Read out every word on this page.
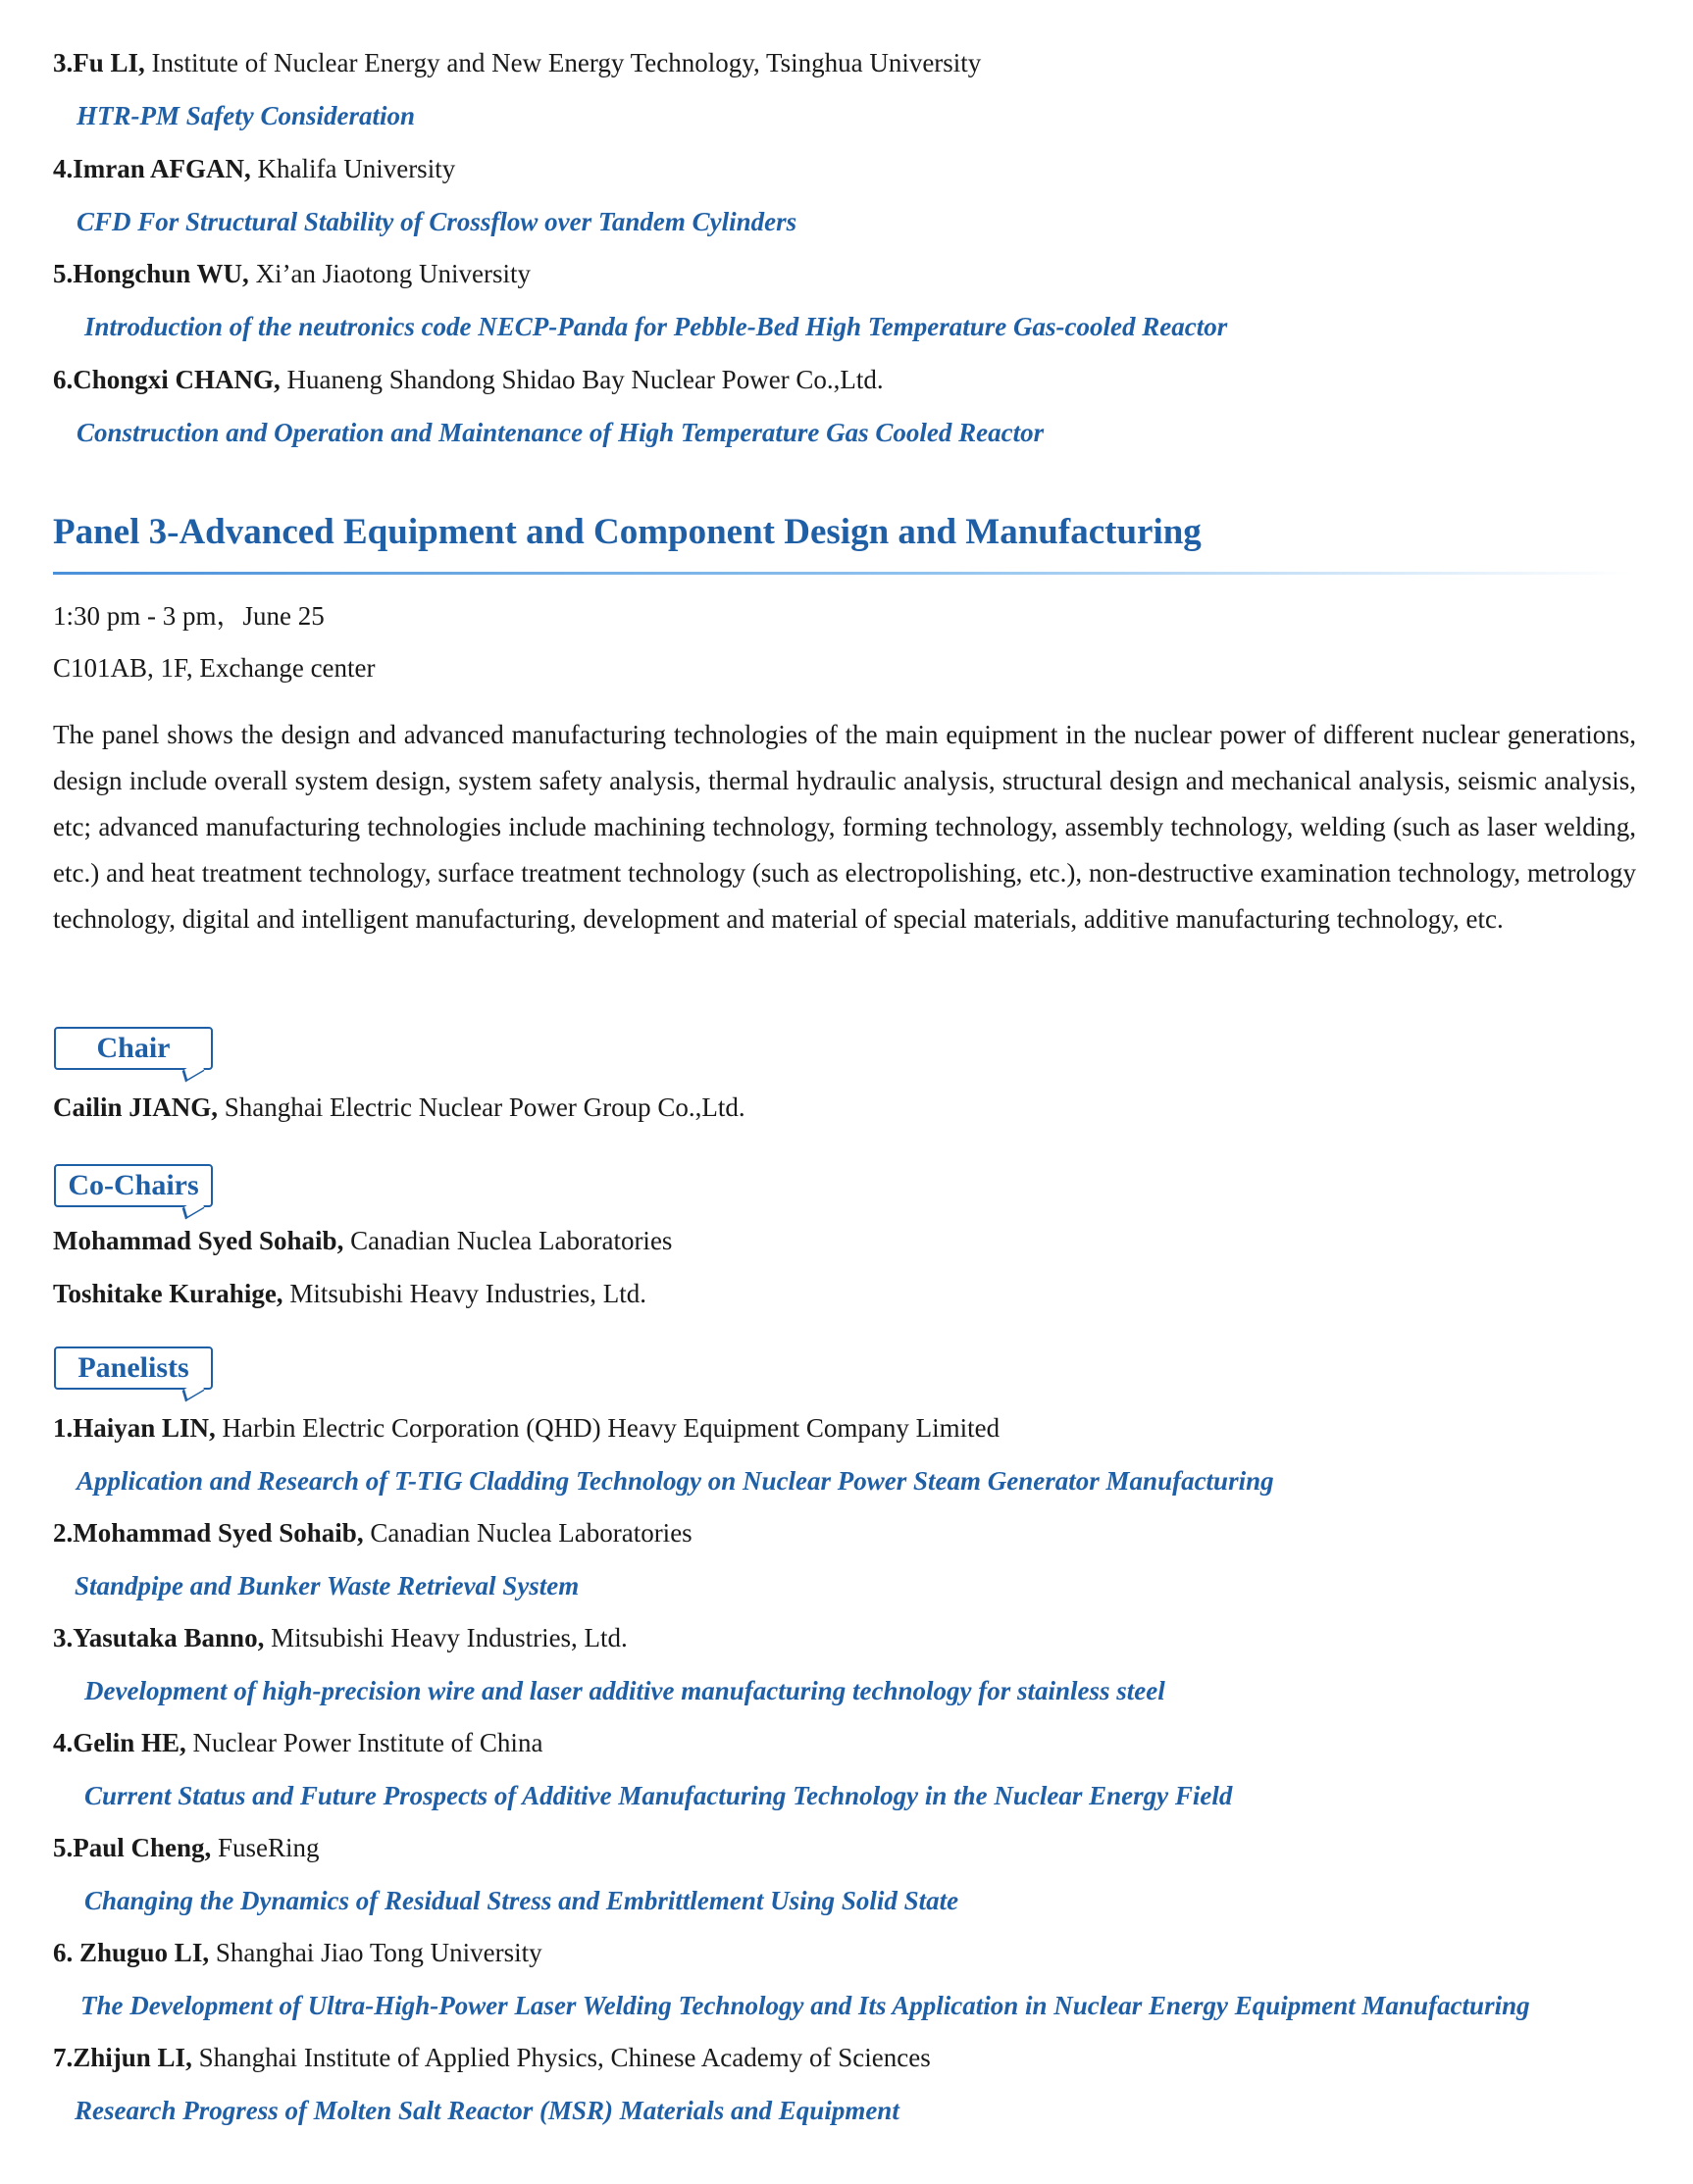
3.Fu LI, Institute of Nuclear Energy and New Energy Technology, Tsinghua University
HTR-PM Safety Consideration
4.Imran AFGAN, Khalifa University
CFD For Structural Stability of Crossflow over Tandem Cylinders
5.Hongchun WU, Xi’an Jiaotong University
Introduction of the neutronics code NECP-Panda for Pebble-Bed High Temperature Gas-cooled Reactor
6.Chongxi CHANG, Huaneng Shandong Shidao Bay Nuclear Power Co.,Ltd.
Construction and Operation and Maintenance of High Temperature Gas Cooled Reactor
Panel 3-Advanced Equipment and Component Design and Manufacturing
1:30 pm - 3 pm，June 25
C101AB, 1F, Exchange center
The panel shows the design and advanced manufacturing technologies of the main equipment in the nuclear power of different nuclear generations, design include overall system design, system safety analysis, thermal hydraulic analysis, structural design and mechanical analysis, seismic analysis, etc; advanced manufacturing technologies include machining technology, forming technology, assembly technology, welding (such as laser welding, etc.) and heat treatment technology, surface treatment technology (such as electropolishing, etc.), non-destructive examination technology, metrology technology, digital and intelligent manufacturing, development and material of special materials, additive manufacturing technology, etc.
Chair
Cailin JIANG, Shanghai Electric Nuclear Power Group Co.,Ltd.
Co-Chairs
Mohammad Syed Sohaib, Canadian Nuclea Laboratories
Toshitake Kurahige, Mitsubishi Heavy Industries, Ltd.
Panelists
1.Haiyan LIN, Harbin Electric Corporation (QHD) Heavy Equipment Company Limited
Application and Research of T-TIG Cladding Technology on Nuclear Power Steam Generator Manufacturing
2.Mohammad Syed Sohaib, Canadian Nuclea Laboratories
Standpipe and Bunker Waste Retrieval System
3.Yasutaka Banno, Mitsubishi Heavy Industries, Ltd.
Development of high-precision wire and laser additive manufacturing technology for stainless steel
4.Gelin HE, Nuclear Power Institute of China
Current Status and Future Prospects of Additive Manufacturing Technology in the Nuclear Energy Field
5.Paul Cheng, FuseRing
Changing the Dynamics of Residual Stress and Embrittlement Using Solid State
6. Zhuguo LI, Shanghai Jiao Tong University
The Development of Ultra-High-Power Laser Welding Technology and Its Application in Nuclear Energy Equipment Manufacturing
7.Zhijun LI, Shanghai Institute of Applied Physics, Chinese Academy of Sciences
Research Progress of Molten Salt Reactor (MSR) Materials and Equipment
